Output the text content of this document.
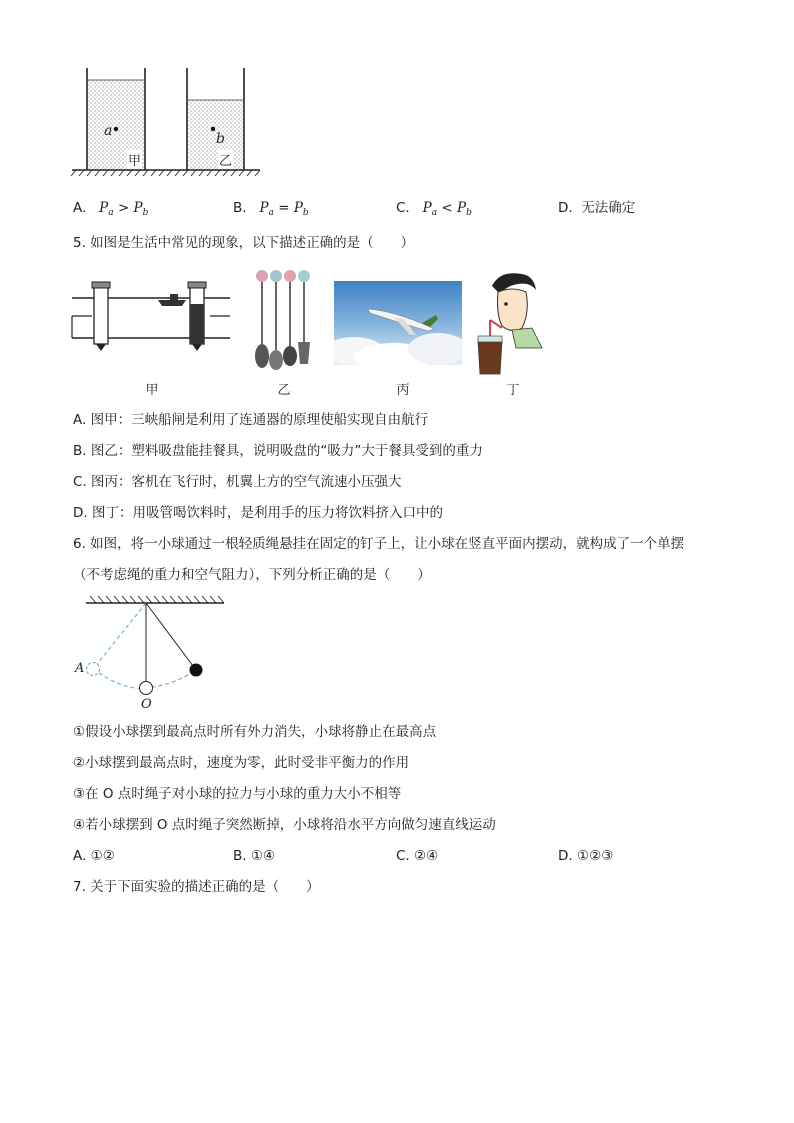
a	b
甲	乙
A. $P_a > P_b$	B. $P_a = P_b$	C. $P_a < P_b$	D. 无法确定
5. 如图是生活中常见的现象，以下描述正确的是（　　）
甲	乙	丙	丁
A. 图甲：三峡船闸是利用了连通器的原理使船实现自由航行
B. 图乙：塑料吸盘能挂餐具，说明吸盘的“吸力”大于餐具受到的重力
C. 图丙：客机在飞行时，机翼上方的空气流速小压强大
D. 图丁：用吸管喝饮料时，是利用手的压力将饮料挤入口中的
6. 如图，将一小球通过一根轻质绳悬挂在固定的钉子上，让小球在竖直平面内摆动，就构成了一个单摆
（不考虑绳的重力和空气阻力），下列分析正确的是（　　）
A
O
①假设小球摆到最高点时所有外力消失，小球将静止在最高点
②小球摆到最高点时，速度为零，此时受非平衡力的作用
③在 O 点时绳子对小球的拉力与小球的重力大小不相等
④若小球摆到 O 点时绳子突然断掉，小球将沿水平方向做匀速直线运动
A. ①②	B. ①④	C. ②④	D. ①②③
7. 关于下面实验的描述正确的是（　　）
